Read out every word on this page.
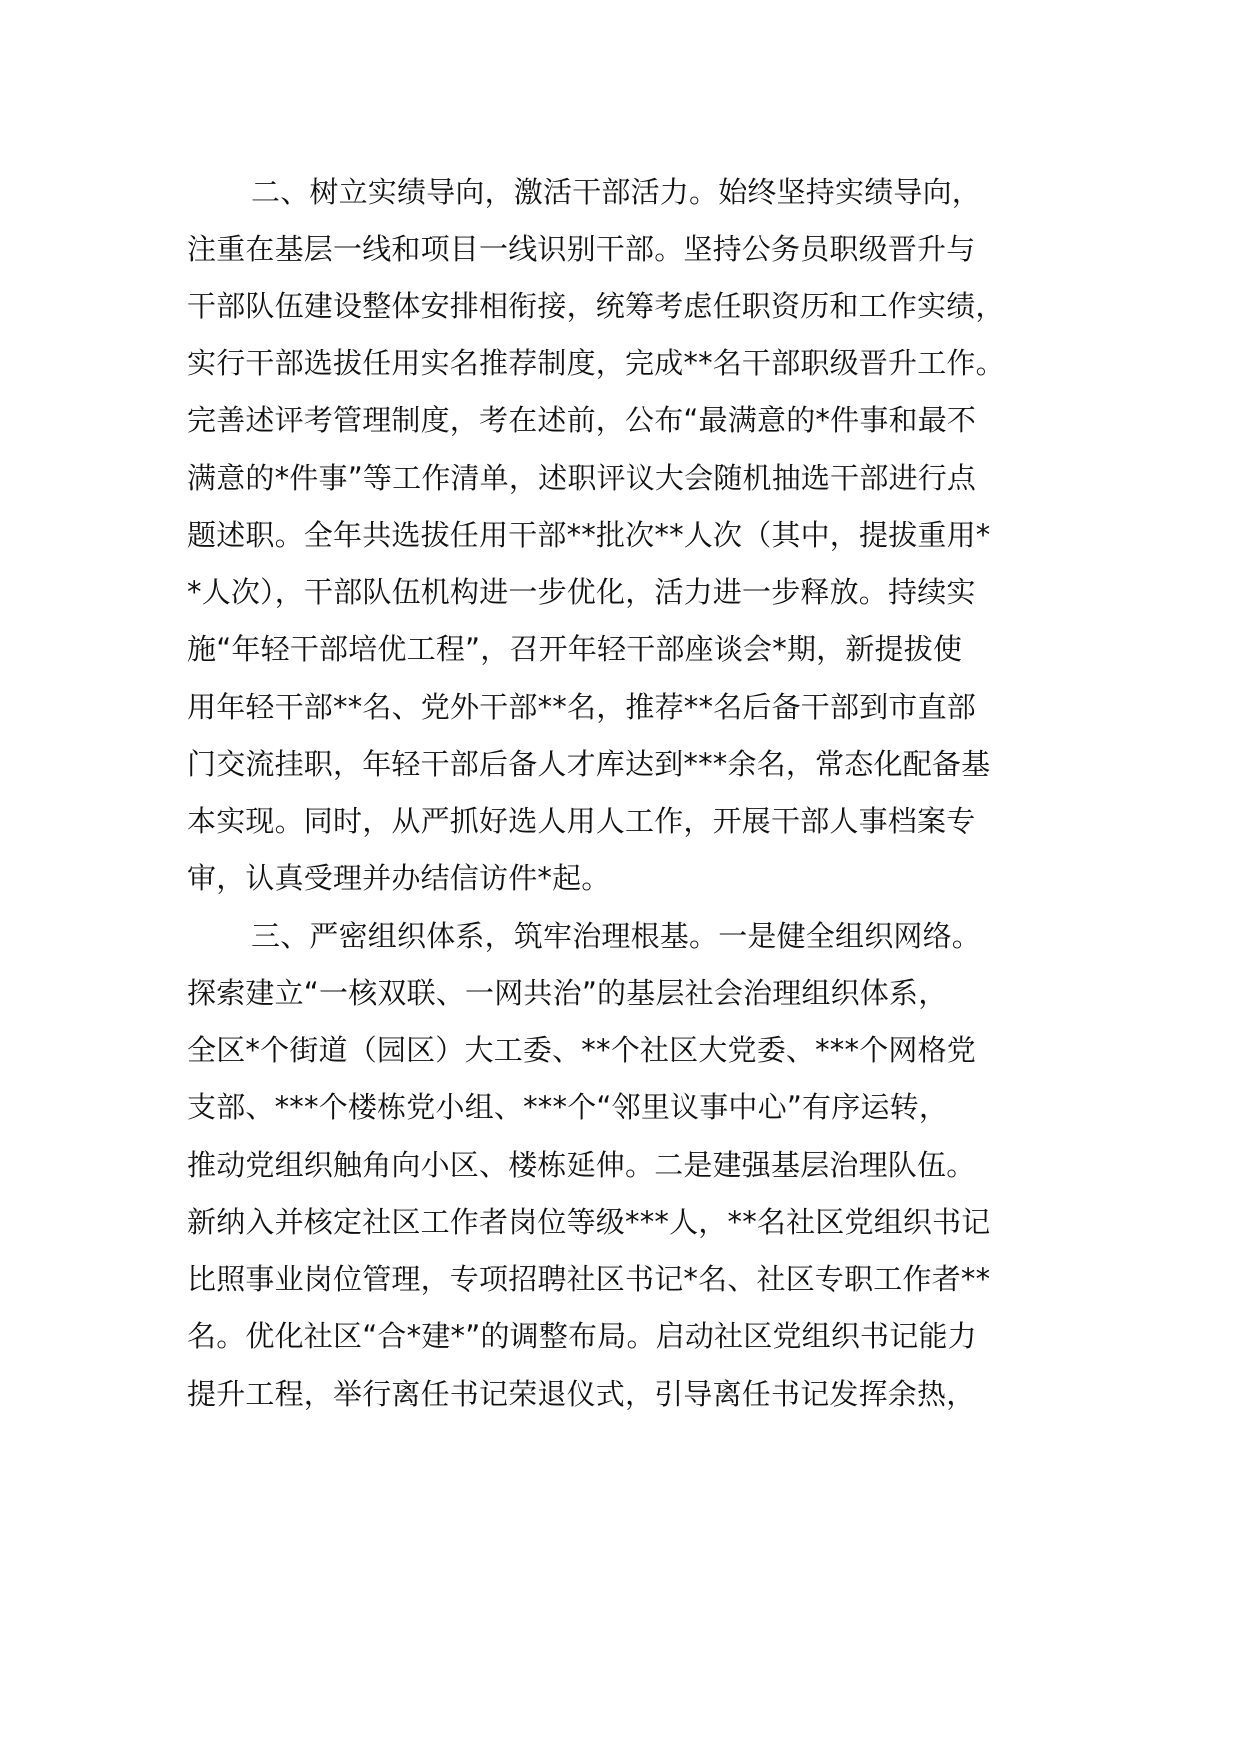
二、树立实绩导向，激活干部活力。始终坚持实绩导向，
注重在基层一线和项目一线识别干部。坚持公务员职级晋升与
干部队伍建设整体安排相衔接，统筹考虑任职资历和工作实绩，
实行干部选拔任用实名推荐制度，完成**名干部职级晋升工作。
完善述评考管理制度，考在述前，公布“最满意的*件事和最不
满意的*件事”等工作清单，述职评议大会随机抽选干部进行点
题述职。全年共选拔任用干部**批次**人次（其中，提拔重用*
*人次），干部队伍机构进一步优化，活力进一步释放。持续实
施“年轻干部培优工程”，召开年轻干部座谈会*期，新提拔使
用年轻干部**名、党外干部**名，推荐**名后备干部到市直部
门交流挂职，年轻干部后备人才库达到***余名，常态化配备基
本实现。同时，从严抓好选人用人工作，开展干部人事档案专
审，认真受理并办结信访件*起。
三、严密组织体系，筑牢治理根基。一是健全组织网络。
探索建立“一核双联、一网共治”的基层社会治理组织体系，
全区*个街道（园区）大工委、**个社区大党委、***个网格党
支部、***个楼栋党小组、***个“邻里议事中心”有序运转，
推动党组织触角向小区、楼栋延伸。二是建强基层治理队伍。
新纳入并核定社区工作者岗位等级***人，**名社区党组织书记
比照事业岗位管理，专项招聘社区书记*名、社区专职工作者**
名。优化社区“合*建*”的调整布局。启动社区党组织书记能力
提升工程，举行离任书记荣退仪式，引导离任书记发挥余热，
